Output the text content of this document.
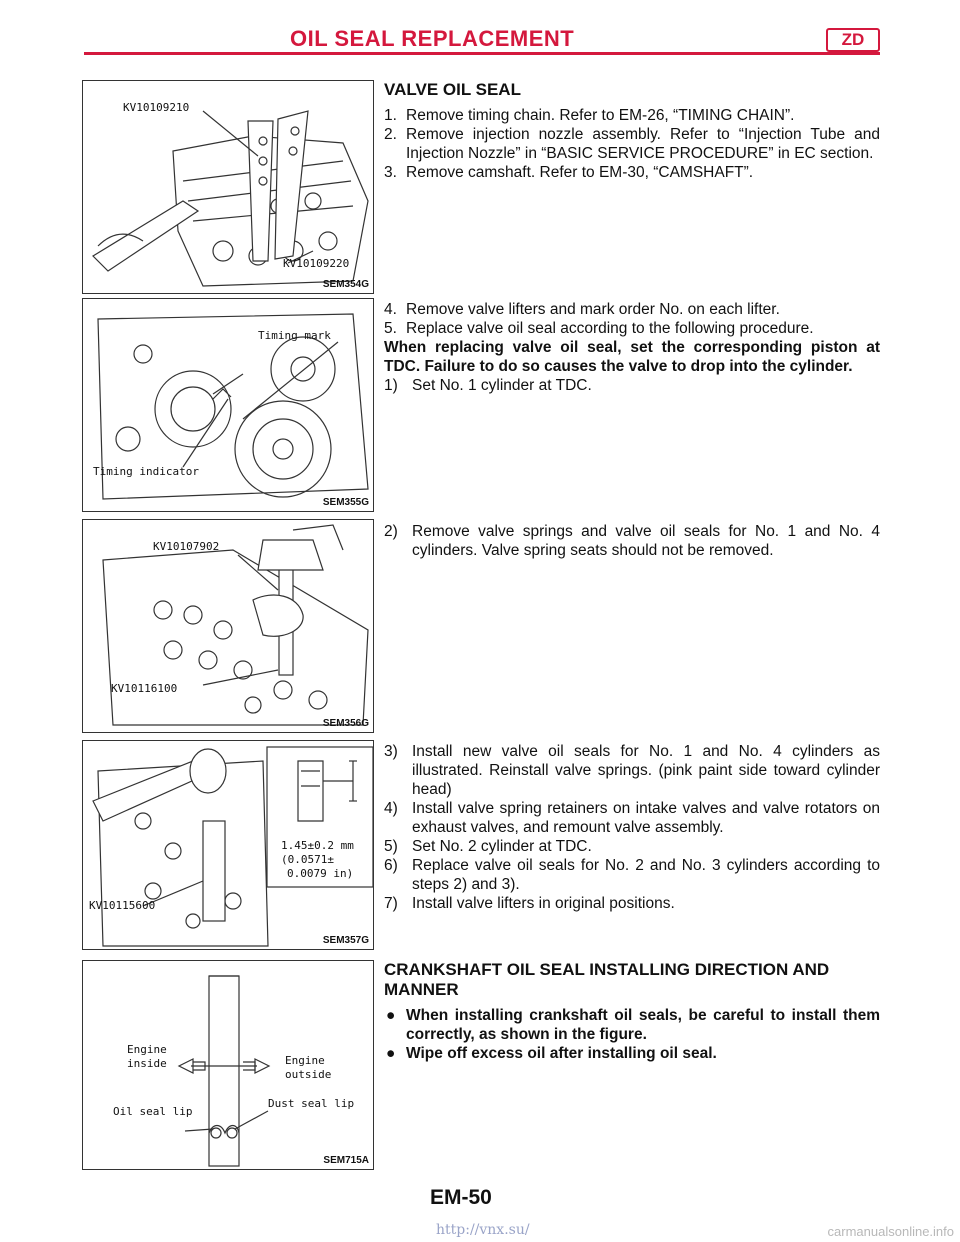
OIL SEAL REPLACEMENT	ZD
KV10109210
KV10109220
SEM354G
Timing mark
Timing indicator
SEM355G
KV10107902
KV10116100
SEM356G
1.45±0.2 mm
(0.0571±
0.0079 in)
KV10115600
SEM357G
Engine
inside	Engine
outside
Oil seal lip
Dust seal lip
SEM715A
VALVE OIL SEAL
1. Remove timing chain. Refer to EM-26, “TIMING CHAIN”.
2. Remove injection nozzle assembly. Refer to “Injection Tube and Injection Nozzle” in “BASIC SERVICE PROCEDURE” in EC section.
3. Remove camshaft. Refer to EM-30, “CAMSHAFT”.
4. Remove valve lifters and mark order No. on each lifter.
5. Replace valve oil seal according to the following procedure.
When replacing valve oil seal, set the corresponding piston at TDC. Failure to do so causes the valve to drop into the cylinder.
1) Set No. 1 cylinder at TDC.
2) Remove valve springs and valve oil seals for No. 1 and No. 4 cylinders. Valve spring seats should not be removed.
3) Install new valve oil seals for No. 1 and No. 4 cylinders as illustrated. Reinstall valve springs. (pink paint side toward cylinder head)
4) Install valve spring retainers on intake valves and valve rotators on exhaust valves, and remount valve assembly.
5) Set No. 2 cylinder at TDC.
6) Replace valve oil seals for No. 2 and No. 3 cylinders according to steps 2) and 3).
7) Install valve lifters in original positions.
CRANKSHAFT OIL SEAL INSTALLING DIRECTION AND MANNER
● When installing crankshaft oil seals, be careful to install them correctly, as shown in the figure.
● Wipe off excess oil after installing oil seal.
EM-50
http://vnx.su/	carmanualsonline.info
